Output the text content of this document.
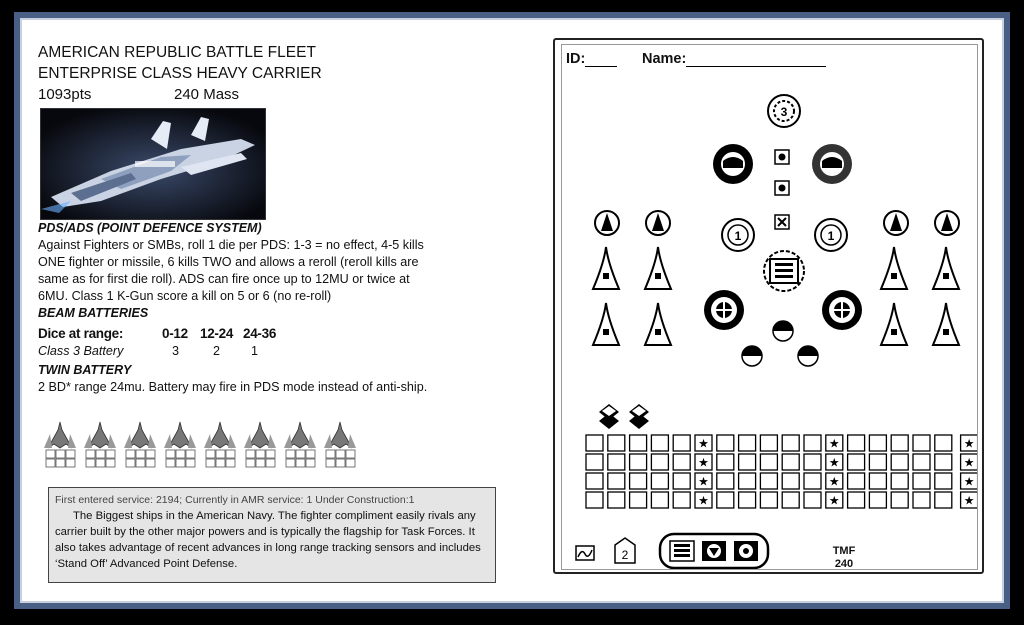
AMERICAN REPUBLIC BATTLE FLEET
ENTERPRISE CLASS HEAVY CARRIER
1093pts	240 Mass
PDS/ADS (POINT DEFENCE SYSTEM)
Against Fighters or SMBs, roll 1 die per PDS: 1-3 = no effect, 4-5 kills
ONE fighter or missile, 6 kills TWO and allows a reroll (reroll kills are
same as for first die roll). ADS can fire once up to 12MU or twice at
6MU. Class 1 K-Gun score a kill on 5 or 6 (no re-roll)
BEAM BATTERIES
Dice at range:	0-12 12-24 24-36
Class 3 Battery	3	2 1
TWIN BATTERY
2 BD* range 24mu. Battery may fire in PDS mode instead of anti-ship.
First entered service: 2194; Currently in AMR service: 1 Under Construction:1
The Biggest ships in the American Navy. The fighter compliment easily rivals any carrier built by the other major powers and is typically the flagship for Task Forces. It also takes advantage of recent advances in long range tracking sensors and includes ‘Stand Off’ Advanced Point Defense.
ID:	Name:
3
1	1
★	★	★
★	★	★
★	★	★
★	★	★
2	TMF
240
